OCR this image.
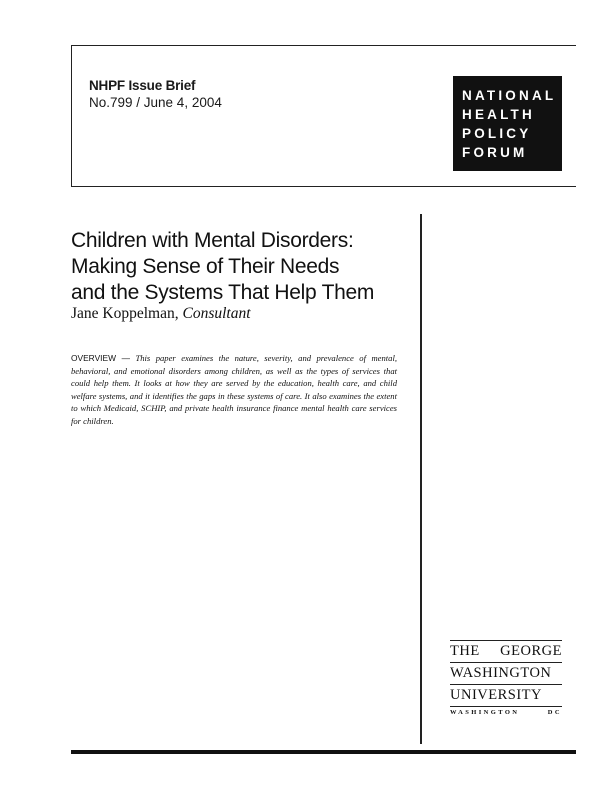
NHPF Issue Brief
No.799 / June 4, 2004	NATIONAL
HEALTH
POLICY
FORUM
Children with Mental Disorders:
Making Sense of Their Needs
and the Systems That Help Them
Jane Koppelman, Consultant
OVERVIEW — This paper examines the nature, severity, and prevalence of mental, behavioral, and emotional disorders among children, as well as the types of services that could help them. It looks at how they are served by the education, health care, and child welfare systems, and it identifies the gaps in these systems of care. It also examines the extent to which Medicaid, SCHIP, and private health insurance finance mental health care services for children.
THE GEORGE
WASHINGTON
UNIVERSITY
WASHINGTON DC
